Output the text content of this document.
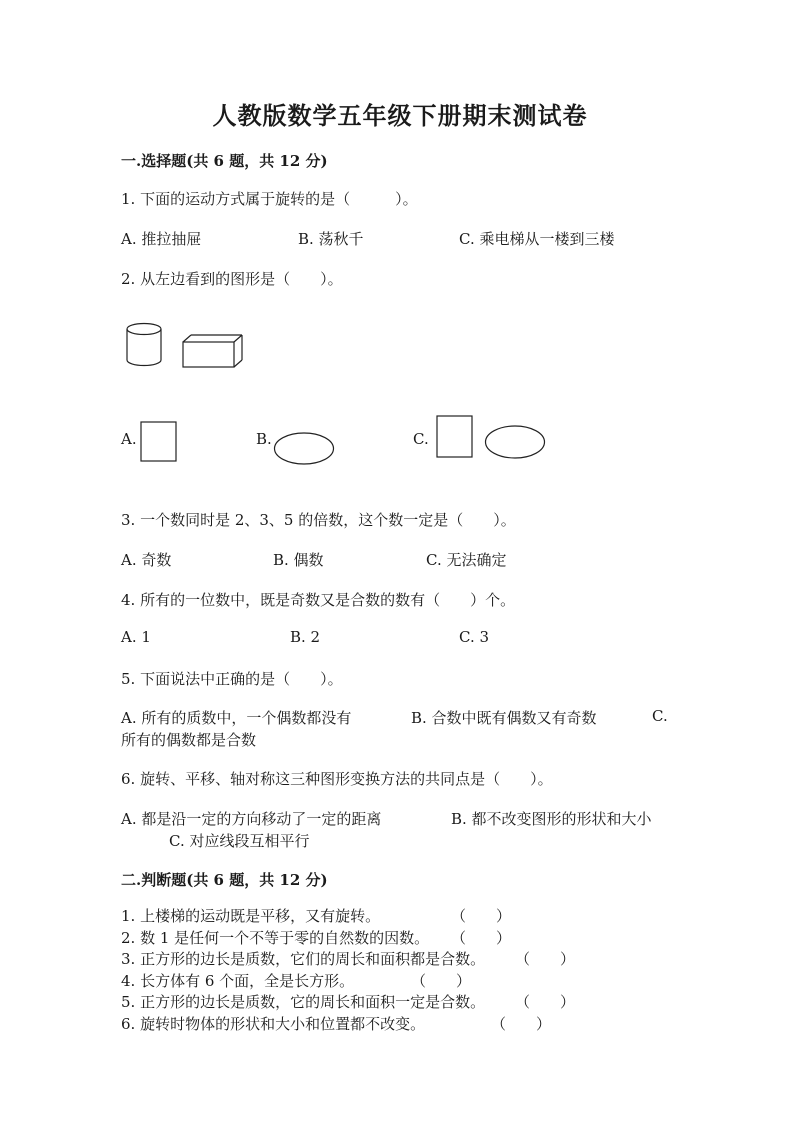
人教版数学五年级下册期末测试卷
一.选择题(共 6 题，共 12 分)
1. 下面的运动方式属于旋转的是（　　　）。
A. 推拉抽屉	B. 荡秋千	C. 乘电梯从一楼到三楼
2. 从左边看到的图形是（　　）。
A.	B.	C.
3. 一个数同时是 2、3、5 的倍数，这个数一定是（　　）。
A. 奇数	B. 偶数	C. 无法确定
4. 所有的一位数中，既是奇数又是合数的数有（　　）个。
A. 1	B. 2	C. 3
5. 下面说法中正确的是（　　）。
A. 所有的质数中，一个偶数都没有	B. 合数中既有偶数又有奇数	C.
所有的偶数都是合数
6. 旋转、平移、轴对称这三种图形变换方法的共同点是（　　）。
A. 都是沿一定的方向移动了一定的距离	B. 都不改变图形的形状和大小
C. 对应线段互相平行
二.判断题(共 6 题，共 12 分)
1. 上楼梯的运动既是平移，又有旋转。	（　　）
2. 数 1 是任何一个不等于零的自然数的因数。 （　　）
3. 正方形的边长是质数，它们的周长和面积都是合数。 （　　）
4. 长方体有 6 个面，全是长方形。	（　　）
5. 正方形的边长是质数，它的周长和面积一定是合数。 （　　）
6. 旋转时物体的形状和大小和位置都不改变。	（　　）
